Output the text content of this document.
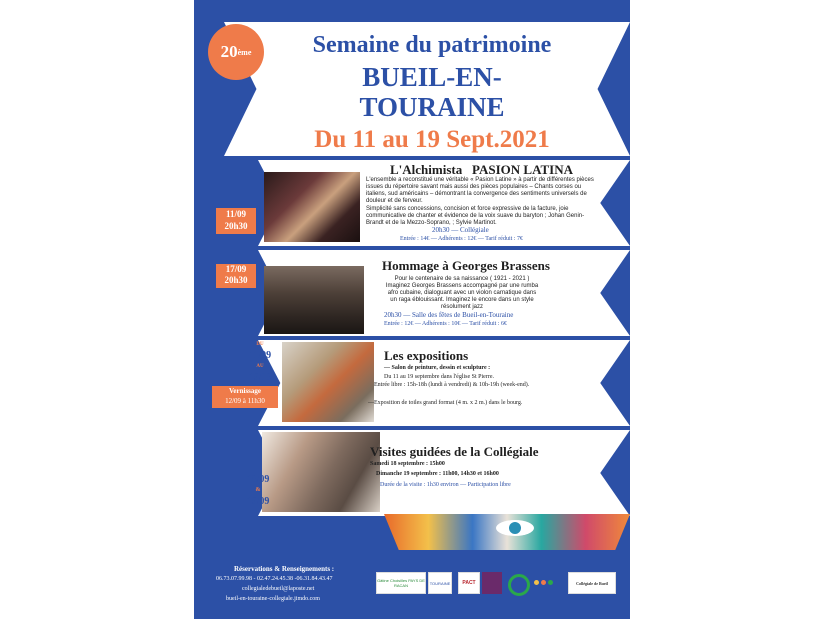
20 ème	Semaine du patrimoine
BUEIL-EN-
TOURAINE
Du 11 au 19 Sept.2021
11/09
20h30
L'Alchimista PASION LATINA
L'ensemble a reconstitué une véritable « Pasion Latine » à partir de différentes pièces issues du répertoire savant mais aussi des pièces populaires – Chants corses ou italiens, sud américains – démontrant la convergence des sentiments universels de douleur et de ferveur.
Simplicité sans concessions, concision et force expressive de la facture, joie communicative de chanter et évidence de la voix suave du baryton ; Johan Genin-Brandt et de la Mezzo-Soprano, ; Sylvie Martinot.
20h30 — Collégiale
Entrée : 14€ — Adhérents : 12€ — Tarif réduit : 7€
17/09
20h30
Hommage à Georges Brassens
Pour le centenaire de sa naissance ( 1921 - 2021 ) Imaginez Georges Brassens accompagné par une rumba afro cubaine, dialoguant avec un violon carnatique dans un raga éblouissant. Imaginez le encore dans un style résolument jazz
20h30 — Salle des fêtes de Bueil-en-Touraine
Entrée : 12€ — Adhérents : 10€ — Tarif réduit : 6€
DU
11/09
AU
19/09
Vernissage
12/09 à 11h30
Les expositions
— Salon de peinture, dessin et sculpture :
Du 11 au 19 septembre dans l'église St Pierre.
Entrée libre : 15h-18h (lundi à vendredi) & 10h-19h (week-end).
—Exposition de toiles grand format (4 m. x 2 m.) dans le bourg.
18/09
&
19/09
Visites guidées de la Collégiale
Samedi 18 septembre : 15h00
Dimanche 19 septembre : 11h00, 14h30 et 16h00
Durée de la visite : 1h30 environ — Participation libre
Réservations & Renseignements :
06.73.07.99.98 - 02.47.24.45.38 -06.31.84.43.47
collegialedebueil@laposte.net
bueil-en-touraine-collegiale.jimdo.com
Gâtine Choisilles PAYS DE RACAN	TOURAINE PACT	Collégiale de Bueil
